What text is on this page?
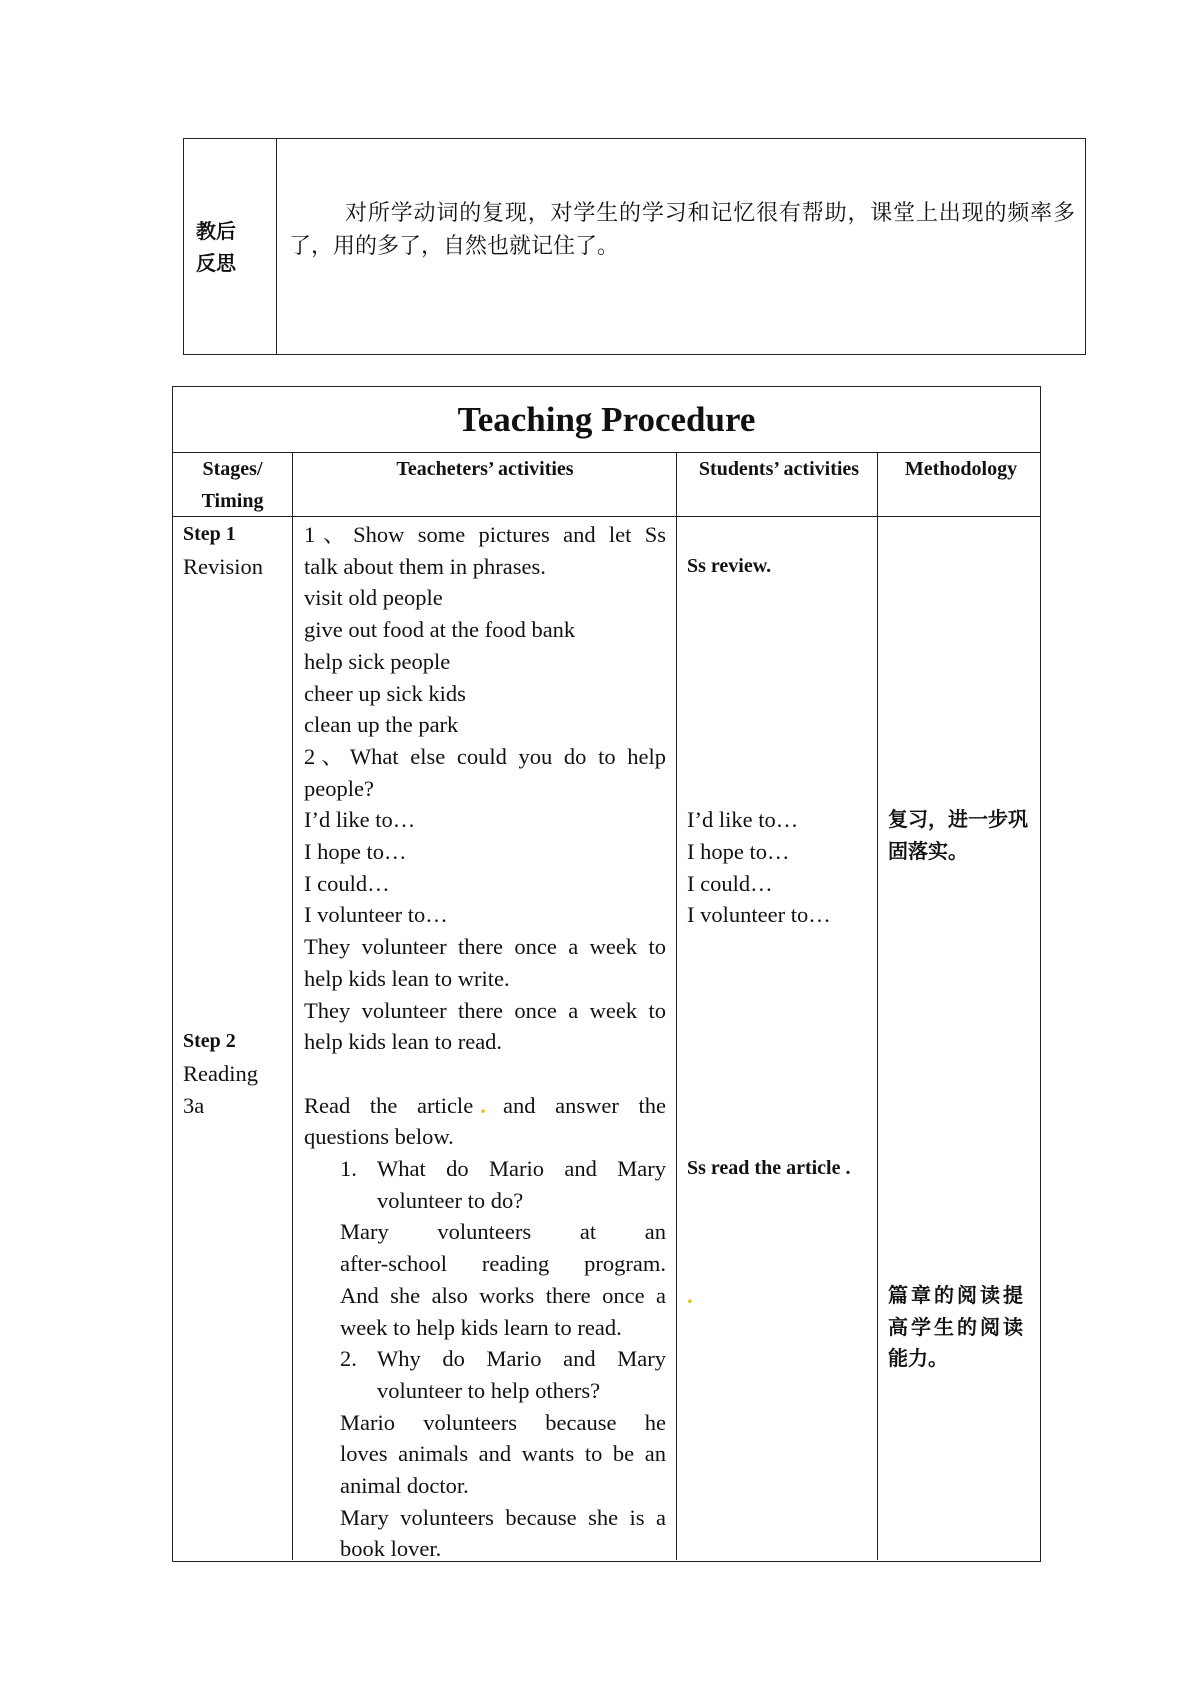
教后反思
对所学动词的复现，对学生的学习和记忆很有帮助，课堂上出现的频率多了，用的多了，自然也就记住了。
Teaching Procedure
Stages/
Timing
Teacheters’ activities	Students’ activities	Methodology
Step 1
Revision
Step 2
Reading
3a
1、Show some pictures and let Ss
talk about them in phrases.
visit old people
give out food at the food bank
help sick people
cheer up sick kids
clean up the park
2、What else could you do to help
people?
I’d like to…
I hope to…
I could…
I volunteer to…
They volunteer there once a week to
help kids lean to write.
They volunteer there once a week to
help kids lean to read.
Read the article . and answer the
questions below.
1. What do Mario and Mary
volunteer to do?
Mary volunteers at an
after-school reading program.
And she also works there once a
week to help kids learn to read.
2. Why do Mario and Mary
volunteer to help others?
Mario volunteers because he
loves animals and wants to be an
animal doctor.
Mary volunteers because she is a
book lover.
Ss review.
I’d like to…
I hope to…
I could…
I volunteer to…
Ss read the article .
.
复习，进一步巩
固落实。
篇章的阅读提
高学生的阅读
能力。
